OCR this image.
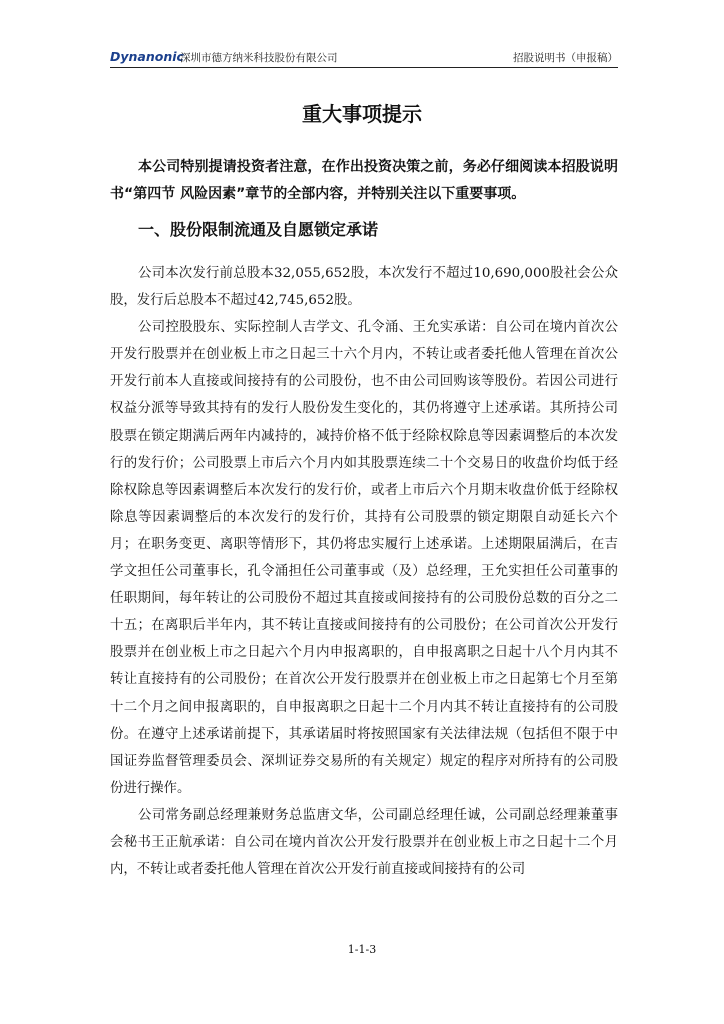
Dynanonic
深圳市德方纳米科技股份有限公司	招股说明书（申报稿）
重大事项提示

本公司特别提请投资者注意，在作出投资决策之前，务必仔细阅读本招股说明书“第四节 风险因素”章节的全部内容，并特别关注以下重要事项。

一、股份限制流通及自愿锁定承诺

公司本次发行前总股本32,055,652股，本次发行不超过10,690,000股社会公众股，发行后总股本不超过42,745,652股。

公司控股股东、实际控制人吉学文、孔令涌、王允实承诺：自公司在境内首次公开发行股票并在创业板上市之日起三十六个月内，不转让或者委托他人管理在首次公开发行前本人直接或间接持有的公司股份，也不由公司回购该等股份。若因公司进行权益分派等导致其持有的发行人股份发生变化的，其仍将遵守上述承诺。其所持公司股票在锁定期满后两年内减持的，减持价格不低于经除权除息等因素调整后的本次发行的发行价；公司股票上市后六个月内如其股票连续二十个交易日的收盘价均低于经除权除息等因素调整后本次发行的发行价，或者上市后六个月期末收盘价低于经除权除息等因素调整后的本次发行的发行价，其持有公司股票的锁定期限自动延长六个月；在职务变更、离职等情形下，其仍将忠实履行上述承诺。上述期限届满后，在吉学文担任公司董事长，孔令涌担任公司董事或（及）总经理，王允实担任公司董事的任职期间，每年转让的公司股份不超过其直接或间接持有的公司股份总数的百分之二十五；在离职后半年内，其不转让直接或间接持有的公司股份；在公司首次公开发行股票并在创业板上市之日起六个月内申报离职的，自申报离职之日起十八个月内其不转让直接持有的公司股份；在首次公开发行股票并在创业板上市之日起第七个月至第十二个月之间申报离职的，自申报离职之日起十二个月内其不转让直接持有的公司股份。在遵守上述承诺前提下，其承诺届时将按照国家有关法律法规（包括但不限于中国证券监督管理委员会、深圳证券交易所的有关规定）规定的程序对所持有的公司股份进行操作。

公司常务副总经理兼财务总监唐文华，公司副总经理任诚，公司副总经理兼董事会秘书王正航承诺：自公司在境内首次公开发行股票并在创业板上市之日起十二个月内，不转让或者委托他人管理在首次公开发行前直接或间接持有的公司

1-1-3
